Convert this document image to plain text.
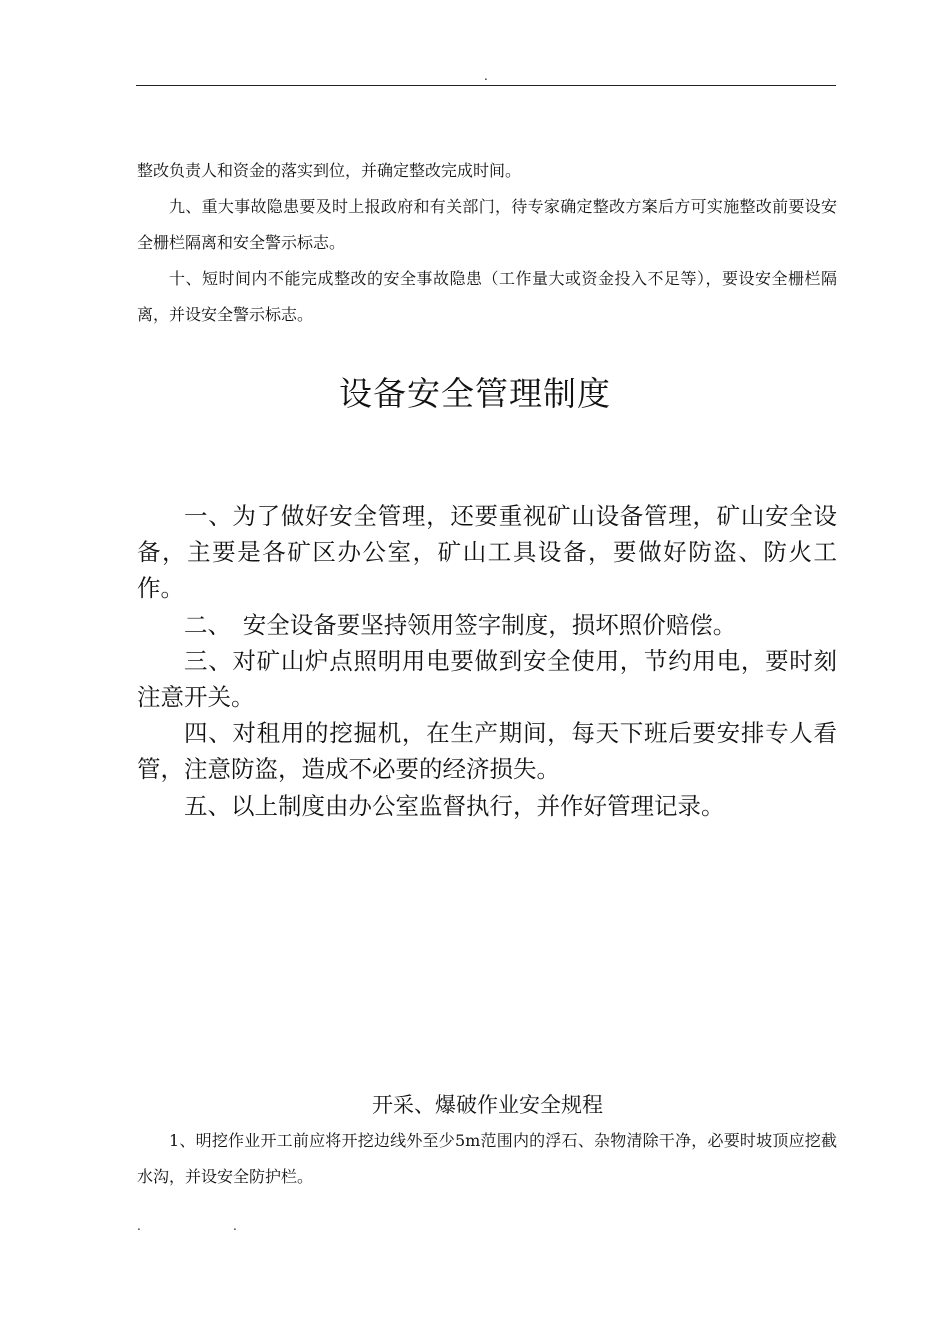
.

整改负责人和资金的落实到位，并确定整改完成时间。

九、重大事故隐患要及时上报政府和有关部门，待专家确定整改方案后方可实施整改前要设安全栅栏隔离和安全警示标志。

十、短时间内不能完成整改的安全事故隐患（工作量大或资金投入不足等），要设安全栅栏隔离，并设安全警示标志。

设备安全管理制度

一、为了做好安全管理，还要重视矿山设备管理，矿山安全设备，主要是各矿区办公室，矿山工具设备，要做好防盗、防火工作。

二、　安全设备要坚持领用签字制度，损坏照价赔偿。

三、对矿山炉点照明用电要做到安全使用，节约用电，要时刻注意开关。

四、对租用的挖掘机，在生产期间，每天下班后要安排专人看管，注意防盗，造成不必要的经济损失。

五、以上制度由办公室监督执行，并作好管理记录。

开采、爆破作业安全规程

1、明挖作业开工前应将开挖边线外至少5m范围内的浮石、杂物清除干净，必要时坡顶应挖截水沟，并设安全防护栏。

.	.
